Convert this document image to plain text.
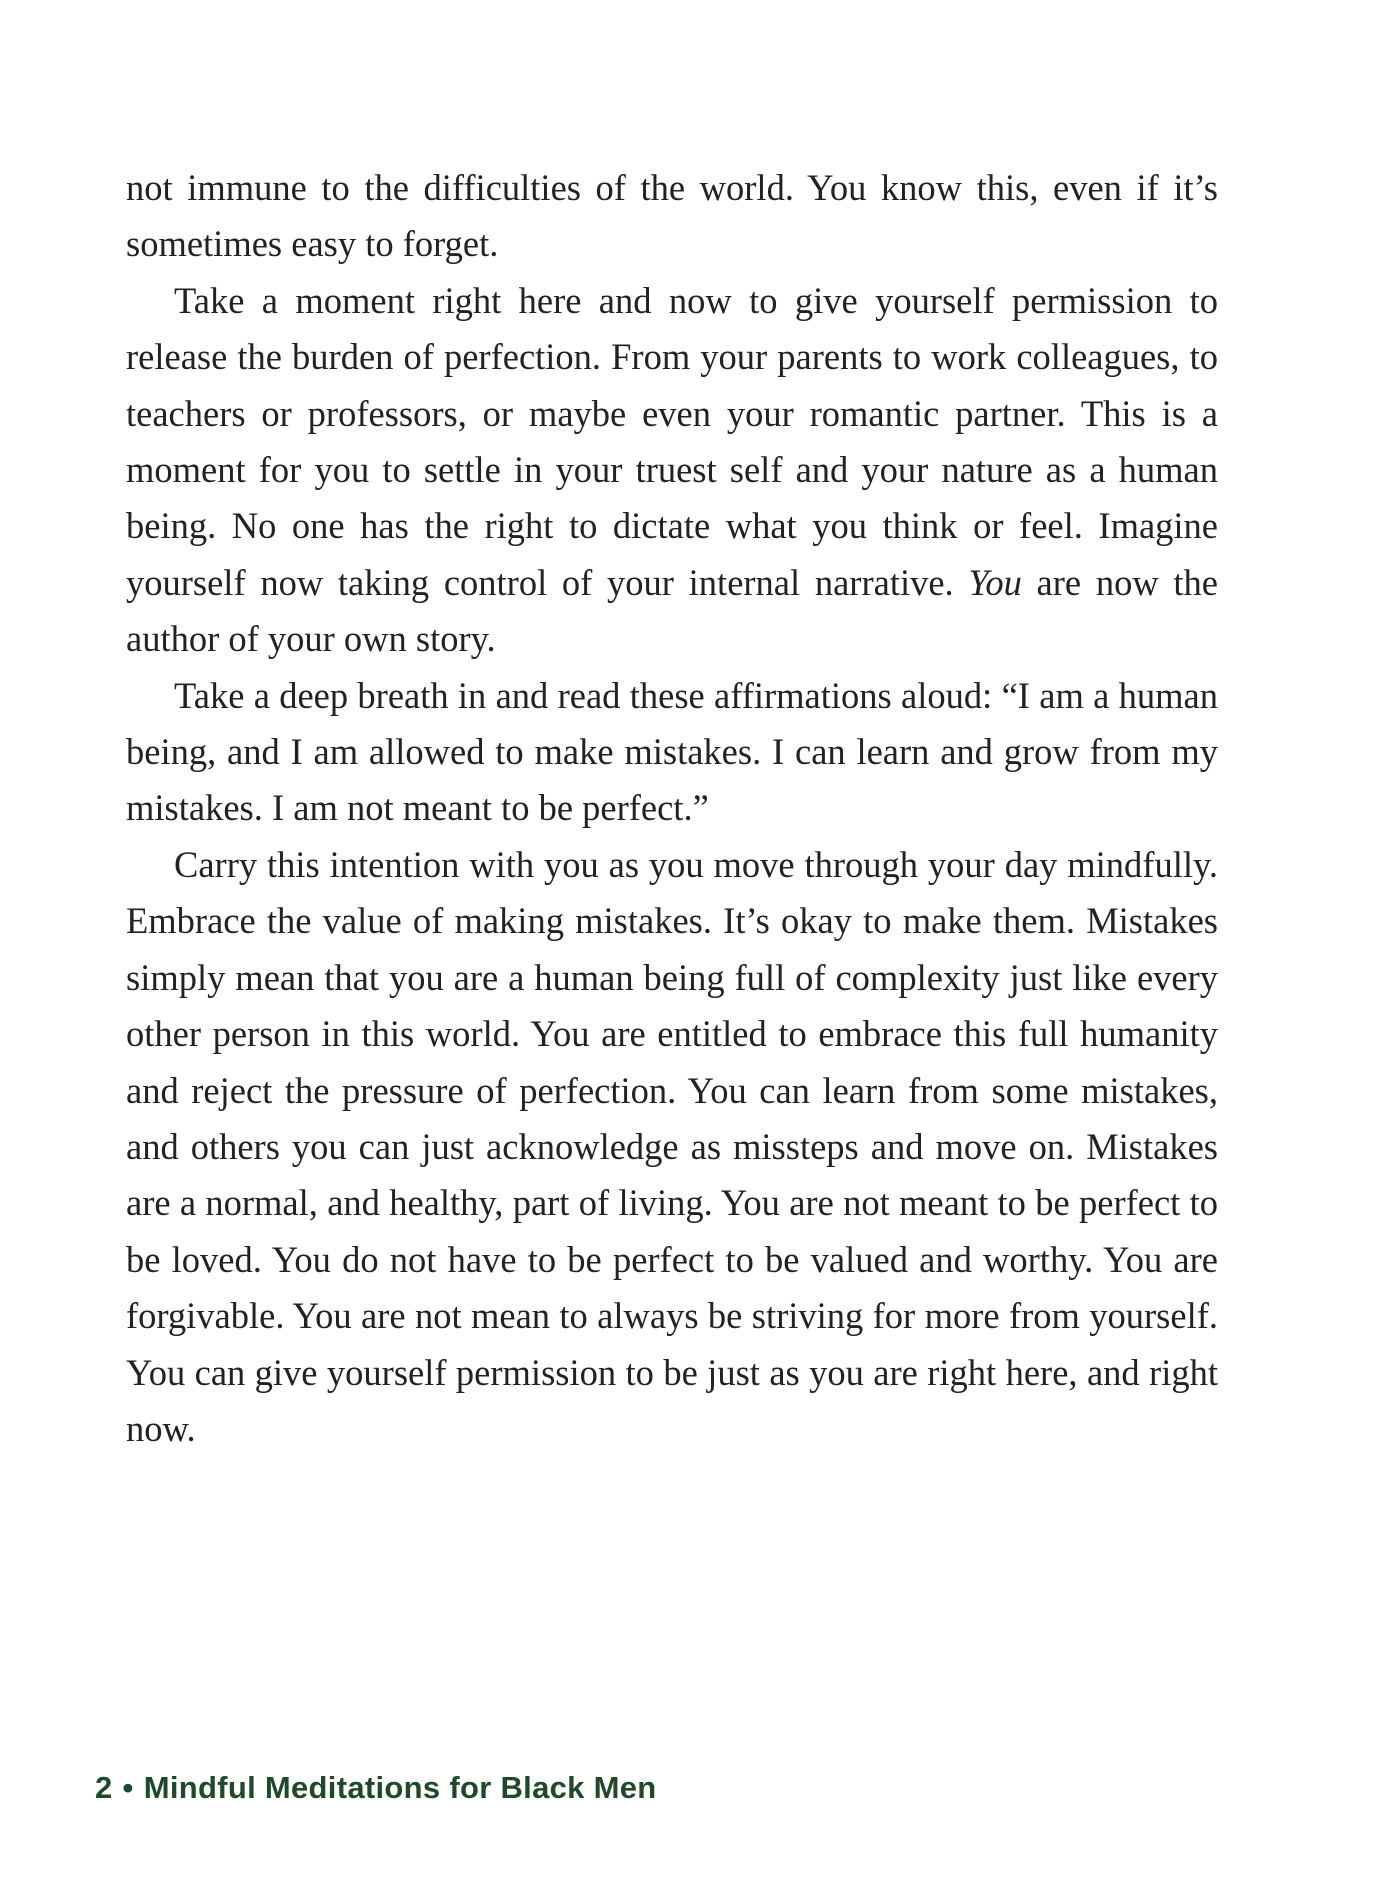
not immune to the difficulties of the world. You know this, even if it’s sometimes easy to forget.

Take a moment right here and now to give yourself permission to release the burden of perfection. From your parents to work colleagues, to teachers or professors, or maybe even your romantic partner. This is a moment for you to settle in your truest self and your nature as a human being. No one has the right to dictate what you think or feel. Imagine yourself now taking control of your internal narrative. You are now the author of your own story.

Take a deep breath in and read these affirmations aloud: “I am a human being, and I am allowed to make mistakes. I can learn and grow from my mistakes. I am not meant to be perfect.”

Carry this intention with you as you move through your day mindfully. Embrace the value of making mistakes. It’s okay to make them. Mistakes simply mean that you are a human being full of complexity just like every other person in this world. You are entitled to embrace this full humanity and reject the pressure of perfection. You can learn from some mistakes, and others you can just acknowledge as missteps and move on. Mistakes are a normal, and healthy, part of living. You are not meant to be perfect to be loved. You do not have to be perfect to be valued and worthy. You are forgivable. You are not mean to always be striving for more from yourself. You can give yourself permission to be just as you are right here, and right now.

2 • Mindful Meditations for Black Men
